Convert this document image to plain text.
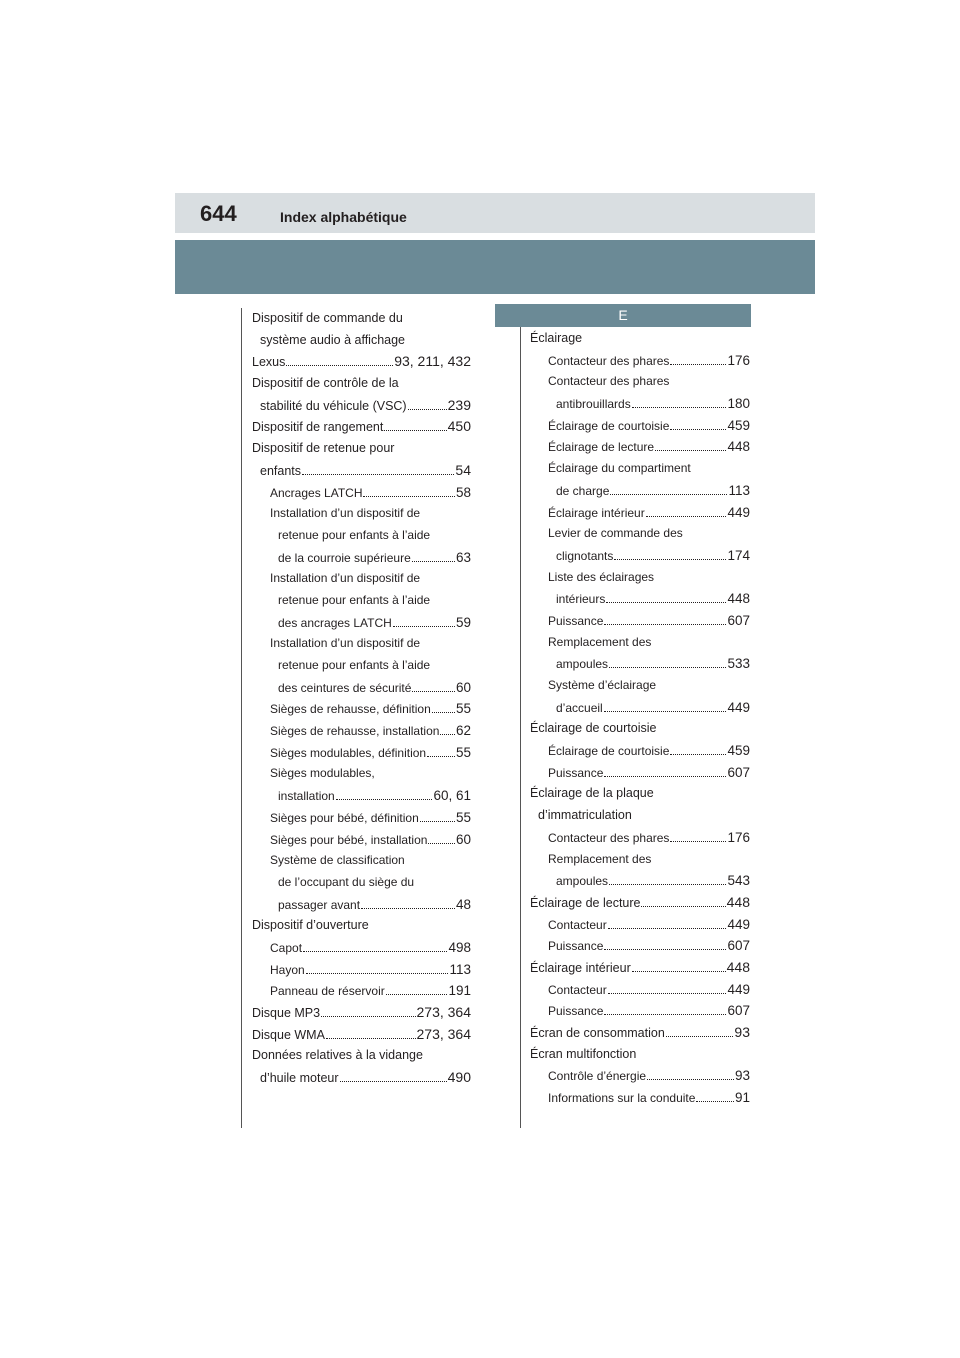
644	Index alphabétique
E
Dispositif de commande du
système audio à affichage
Lexus	93, 211, 432
Dispositif de contrôle de la
stabilité du véhicule (VSC)	239
Dispositif de rangement	450
Dispositif de retenue pour
enfants	54
Ancrages LATCH	58
Installation d’un dispositif de
retenue pour enfants à l’aide
de la courroie supérieure	63
Installation d’un dispositif de
retenue pour enfants à l’aide
des ancrages LATCH	59
Installation d’un dispositif de
retenue pour enfants à l’aide
des ceintures de sécurité	60
Sièges de rehausse, définition 55
Sièges de rehausse, installation 62
Sièges modulables, définition 55
Sièges modulables,
installation	60, 61
Sièges pour bébé, définition	55
Sièges pour bébé, installation 60
Système de classification
de l’occupant du siège du
passager avant	48
Dispositif d’ouverture
Capot	498
Hayon	113
Panneau de réservoir	191
Disque MP3	273, 364
Disque WMA	273, 364
Données relatives à la vidange
d’huile moteur	490
Éclairage
Contacteur des phares	176
Contacteur des phares
antibrouillards	180
Éclairage de courtoisie	459
Éclairage de lecture	448
Éclairage du compartiment
de charge	113
Éclairage intérieur	449
Levier de commande des
clignotants	174
Liste des éclairages
intérieurs	448
Puissance	607
Remplacement des
ampoules	533
Système d’éclairage
d’accueil	449
Éclairage de courtoisie
Éclairage de courtoisie	459
Puissance	607
Éclairage de la plaque
d’immatriculation
Contacteur des phares	176
Remplacement des
ampoules	543
Éclairage de lecture	448
Contacteur	449
Puissance	607
Éclairage intérieur	448
Contacteur	449
Puissance	607
Écran de consommation	93
Écran multifonction
Contrôle d’énergie	93
Informations sur la conduite	91
